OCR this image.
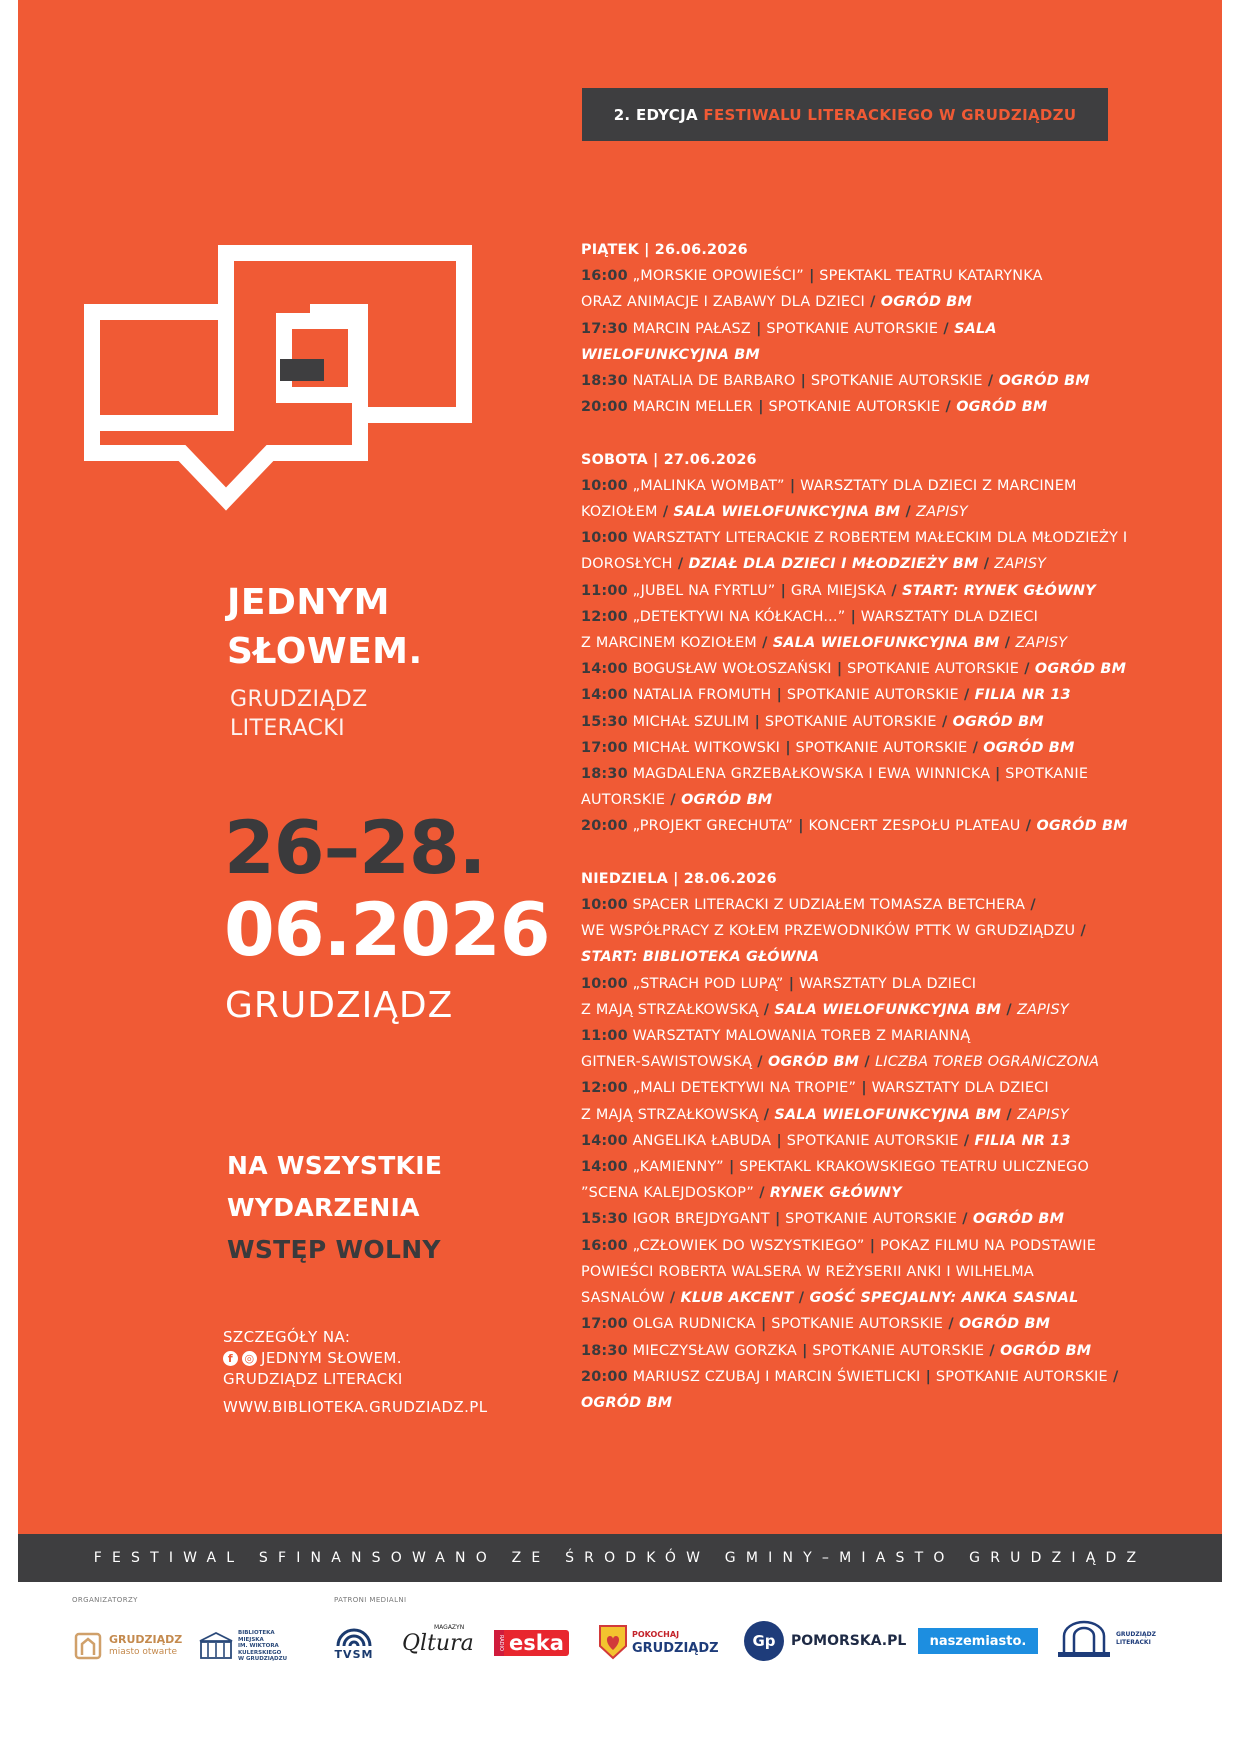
2. EDYCJA
FESTIWALU LITERACKIEGO W GRUDZIĄDZU
JEDNYM
SŁOWEM.
GRUDZIĄDZ
LITERACKI
26–28.
06.2026
GRUDZIĄDZ
NA WSZYSTKIE
WYDARZENIA
WSTĘP WOLNY
SZCZEGÓŁY NA:
f	◎ JEDNYM SŁOWEM.
GRUDZIĄDZ LITERACKI
WWW.BIBLIOTEKA.GRUDZIADZ.PL
PIĄTEK | 26.06.2026
16:00 „MORSKIE OPOWIEŚCI” | SPEKTAKL TEATRU KATARYNKA
ORAZ ANIMACJE I ZABAWY DLA DZIECI / OGRÓD BM
17:30 MARCIN PAŁASZ | SPOTKANIE AUTORSKIE / SALA
WIELOFUNKCYJNA BM
18:30 NATALIA DE BARBARO | SPOTKANIE AUTORSKIE / OGRÓD BM
20:00 MARCIN MELLER | SPOTKANIE AUTORSKIE / OGRÓD BM
SOBOTA | 27.06.2026
10:00 „MALINKA WOMBAT” | WARSZTATY DLA DZIECI Z MARCINEM
KOZIOŁEM / SALA WIELOFUNKCYJNA BM / ZAPISY
10:00 WARSZTATY LITERACKIE Z ROBERTEM MAŁECKIM DLA MŁODZIEŻY I
DOROSŁYCH / DZIAŁ DLA DZIECI I MŁODZIEŻY BM / ZAPISY
11:00 „JUBEL NA FYRTLU” | GRA MIEJSKA / START: RYNEK GŁÓWNY
12:00 „DETEKTYWI NA KÓŁKACH...” | WARSZTATY DLA DZIECI
Z MARCINEM KOZIOŁEM / SALA WIELOFUNKCYJNA BM / ZAPISY
14:00 BOGUSŁAW WOŁOSZAŃSKI | SPOTKANIE AUTORSKIE / OGRÓD BM
14:00 NATALIA FROMUTH | SPOTKANIE AUTORSKIE / FILIA NR 13
15:30 MICHAŁ SZULIM | SPOTKANIE AUTORSKIE / OGRÓD BM
17:00 MICHAŁ WITKOWSKI | SPOTKANIE AUTORSKIE / OGRÓD BM
18:30 MAGDALENA GRZEBAŁKOWSKA I EWA WINNICKA | SPOTKANIE
AUTORSKIE / OGRÓD BM
20:00 „PROJEKT GRECHUTA” | KONCERT ZESPOŁU PLATEAU / OGRÓD BM
NIEDZIELA | 28.06.2026
10:00 SPACER LITERACKI Z UDZIAŁEM TOMASZA BETCHERA /
WE WSPÓŁPRACY Z KOŁEM PRZEWODNIKÓW PTTK W GRUDZIĄDZU /
START: BIBLIOTEKA GŁÓWNA
10:00 „STRACH POD LUPĄ” | WARSZTATY DLA DZIECI
Z MAJĄ STRZAŁKOWSKĄ / SALA WIELOFUNKCYJNA BM / ZAPISY
11:00 WARSZTATY MALOWANIA TOREB Z MARIANNĄ
GITNER-SAWISTOWSKĄ / OGRÓD BM / LICZBA TOREB OGRANICZONA
12:00 „MALI DETEKTYWI NA TROPIE” | WARSZTATY DLA DZIECI
Z MAJĄ STRZAŁKOWSKĄ / SALA WIELOFUNKCYJNA BM / ZAPISY
14:00 ANGELIKA ŁABUDA | SPOTKANIE AUTORSKIE / FILIA NR 13
14:00 „KAMIENNY” | SPEKTAKL KRAKOWSKIEGO TEATRU ULICZNEGO
”SCENA KALEJDOSKOP” / RYNEK GŁÓWNY
15:30 IGOR BREJDYGANT | SPOTKANIE AUTORSKIE / OGRÓD BM
16:00 „CZŁOWIEK DO WSZYSTKIEGO” | POKAZ FILMU NA PODSTAWIE
POWIEŚCI ROBERTA WALSERA W REŻYSERII ANKI I WILHELMA
SASNALÓW / KLUB AKCENT / GOŚĆ SPECJALNY: ANKA SASNAL
17:00 OLGA RUDNICKA | SPOTKANIE AUTORSKIE / OGRÓD BM
18:30 MIECZYSŁAW GORZKA | SPOTKANIE AUTORSKIE / OGRÓD BM
20:00 MARIUSZ CZUBAJ I MARCIN ŚWIETLICKI | SPOTKANIE AUTORSKIE /
OGRÓD BM
FESTIWAL SFINANSOWANO ZE ŚRODKÓW GMINY–MIASTO GRUDZIĄDZ
ORGANIZATORZY	PATRONI MEDIALNI
GRUDZIĄDZ
miasto otwarte
BIBLIOTEKA
MIEJSKA
IM. WIKTORA
KULERSKIEGO
W GRUDZIĄDZU	TVSM
MAGAZYN
Qltura	RADIO eska	POKOCHAJ
GRUDZIĄDZ	Gp	POMORSKA.PL naszemiasto.	GRUDZIĄDZ
LITERACKI
